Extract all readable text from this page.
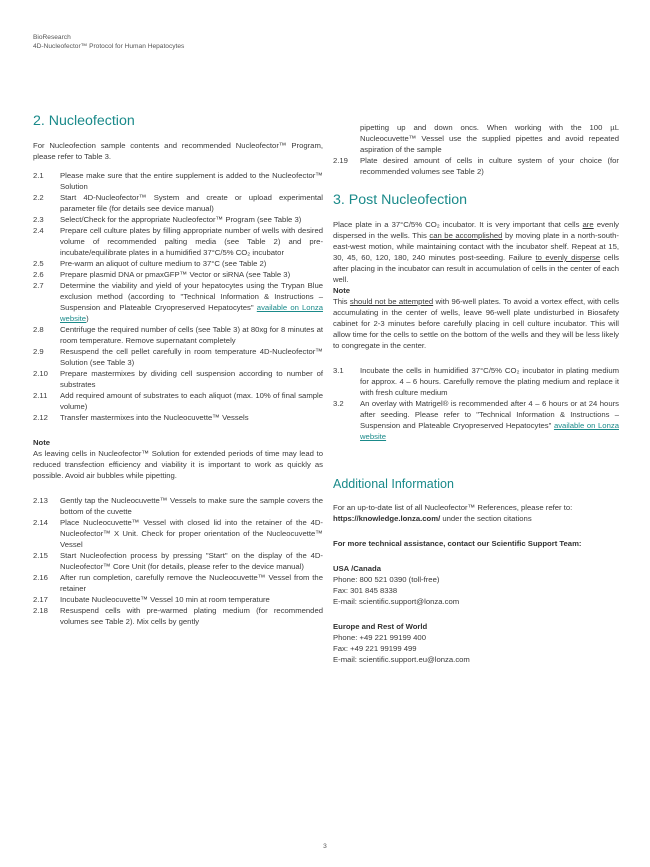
BioResearch
4D-Nucleofector™ Protocol for Human Hepatocytes
2. Nucleofection

For Nucleofection sample contents and recommended Nucleofector™ Program, please refer to Table 3.

2.1	Please make sure that the entire supplement is added to the Nucleofector™ Solution
2.2	Start 4D-Nucleofector™ System and create or upload experimental parameter file (for details see device manual)
2.3	Select/Check for the appropriate Nucleofector™ Program (see Table 3)
2.4	Prepare cell culture plates by filling appropriate number of wells with desired volume of recommended palting media (see Table 2) and pre-incubate/equilibrate plates in a humidified 37°C/5% CO₂ incubator
2.5	Pre-warm an aliquot of culture medium to 37°C (see Table 2)
2.6	Prepare plasmid DNA or pmaxGFP™ Vector or siRNA (see Table 3)
2.7	Determine the viability and yield of your hepatocytes using the Trypan Blue exclusion method (according to "Technical Information & Instructions – Suspension and Plateable Cryopreserved Hepatocytes" available on Lonza website)
2.8	Centrifuge the required number of cells (see Table 3) at 80xg for 8 minutes at room temperature. Remove supernatant completely
2.9	Resuspend the cell pellet carefully in room temperature 4D-Nucleofector™ Solution (see Table 3)
2.10	Prepare mastermixes by dividing cell suspension according to number of substrates
2.11	Add required amount of substrates to each aliquot (max. 10% of final sample volume)
2.12	Transfer mastermixes into the Nucleocuvette™ Vessels
Note

As leaving cells in Nucleofector™ Solution for extended periods of time may lead to reduced transfection efficiency and viability it is important to work as quickly as possible. Avoid air bubbles while pipetting.

2.13	Gently tap the Nucleocuvette™ Vessels to make sure the sample covers the bottom of the cuvette
2.14	Place Nucleocuvette™ Vessel with closed lid into the retainer of the 4D-Nucleofector™ X Unit. Check for proper orientation of the Nucleocuvette™ Vessel
2.15	Start Nucleofection process by pressing "Start" on the display of the 4D-Nucleofector™ Core Unit (for details, please refer to the device manual)
2.16	After run completion, carefully remove the Nucleocuvette™ Vessel from the retainer
2.17	Incubate Nucleocuvette™ Vessel 10 min at room temperature
2.18	Resuspend cells with pre-warmed plating medium (for recommended volumes see Table 2). Mix cells by gently
pipetting up and down oncs. When working with the 100 µL Nucleocuvette™ Vessel use the supplied pipettes and avoid repeated aspiration of the sample
2.19	Plate desired amount of cells in culture system of your choice (for recommended volumes see Table 2)
3. Post Nucleofection

Place plate in a 37°C/5% CO₂ incubator. It is very important that cells are evenly dispersed in the wells. This can be accomplished by moving plate in a north-south-east-west motion, while maintaining contact with the incubator shelf. Repeat at 15, 30, 45, 60, 120, 180, 240 minutes post-seeding. Failure to evenly disperse cells after placing in the incubator can result in accumulation of cells in the center of each well.

Note

This should not be attempted with 96-well plates. To avoid a vortex effect, with cells accumulating in the center of wells, leave 96-well plate undisturbed in Biosafety cabinet for 2-3 minutes before carefully placing in cell culture incubator. This will allow time for the cells to settle on the bottom of the wells and they will be less likely to congregate in the center.

3.1	Incubate the cells in humidified 37°C/5% CO₂ incubator in plating medium for approx. 4 – 6 hours. Carefully remove the plating medium and replace it with fresh culture medium
3.2	An overlay with Matrigel® is recommended after 4 – 6 hours or at 24 hours after seeding. Please refer to "Technical Information & Instructions – Suspension and Plateable Cryopreserved Hepatocytes" available on Lonza website
Additional Information

For an up-to-date list of all Nucleofector™ References, please refer to:

https://knowledge.lonza.com/ under the section citations

For more technical assistance, contact our Scientific Support Team:
USA /Canada
Phone: 800 521 0390 (toll-free)
Fax: 301 845 8338
E-mail: scientific.support@lonza.com
Europe and Rest of World
Phone: +49 221 99199 400
Fax: +49 221 99199 499
E-mail: scientific.support.eu@lonza.com
3
